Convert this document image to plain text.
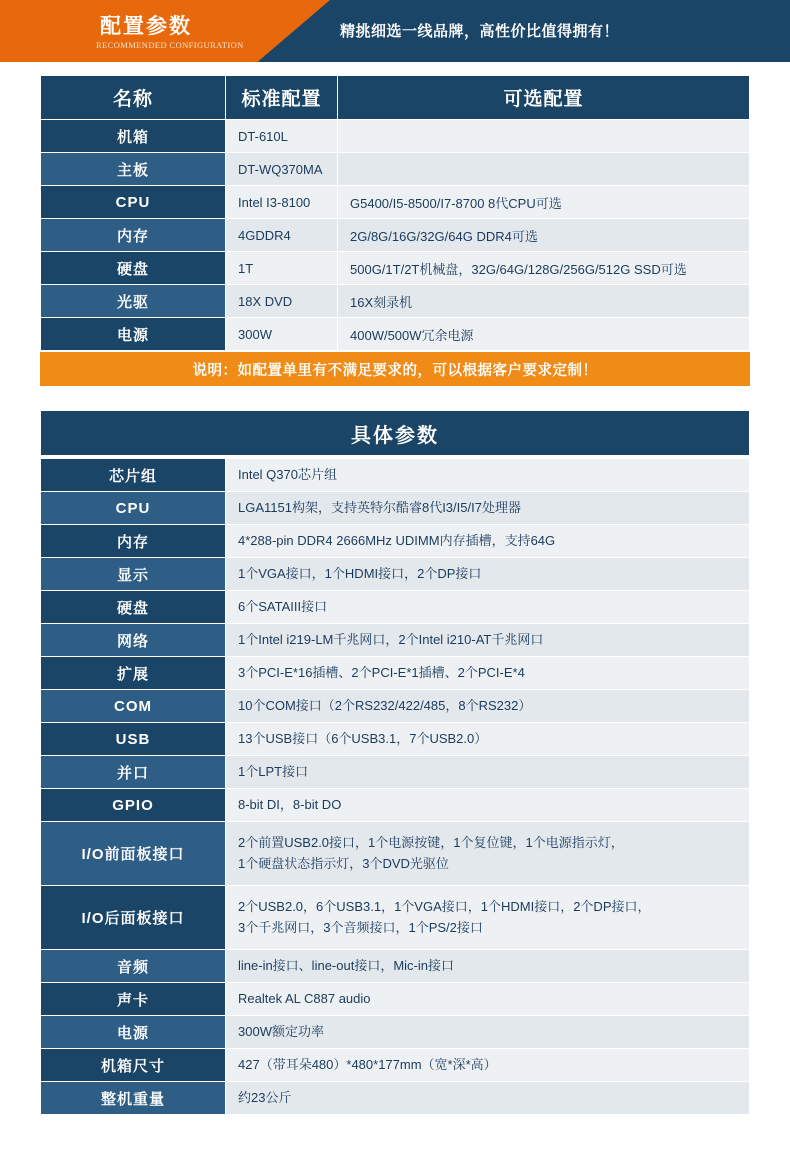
配置参数
RECOMMENDED CONFIGURATION
精挑细选一线品牌，高性价比值得拥有！
名称	标准配置	可选配置
机箱	DT-610L	
主板	DT-WQ370MA	
CPU	Intel I3-8100	G5400/I5-8500/I7-8700 8代CPU可选
内存	4GDDR4	2G/8G/16G/32G/64G DDR4可选
硬盘	1T	500G/1T/2T机械盘，32G/64G/128G/256G/512G SSD可选
光驱	18X DVD	16X刻录机
电源	300W	400W/500W冗余电源
说明：如配置单里有不满足要求的，可以根据客户要求定制！
具体参数
芯片组	Intel Q370芯片组

CPU	LGA1151构架，支持英特尔酷睿8代I3/I5/I7处理器

内存	4*288-pin DDR4 2666MHz UDIMM内存插槽，支持64G

显示	1个VGA接口，1个HDMI接口，2个DP接口

硬盘	6个SATAIII接口

网络	1个Intel i219-LM千兆网口，2个Intel i210-AT千兆网口

扩展	3个PCI-E*16插槽、2个PCI-E*1插槽、2个PCI-E*4

COM	10个COM接口（2个RS232/422/485，8个RS232）

USB	13个USB接口（6个USB3.1，7个USB2.0）

并口	1个LPT接口

GPIO	8-bit DI，8-bit DO

I/O前面板接口	2个前置USB2.0接口，1个电源按键，1个复位键，1个电源指示灯，
1个硬盘状态指示灯，3个DVD光驱位

I/O后面板接口	2个USB2.0，6个USB3.1，1个VGA接口，1个HDMI接口，2个DP接口，
3个千兆网口，3个音频接口，1个PS/2接口

音频	line-in接口、line-out接口，Mic-in接口

声卡	Realtek AL C887 audio

电源	300W额定功率

机箱尺寸	427（带耳朵480）*480*177mm（宽*深*高）

整机重量	约23公斤
